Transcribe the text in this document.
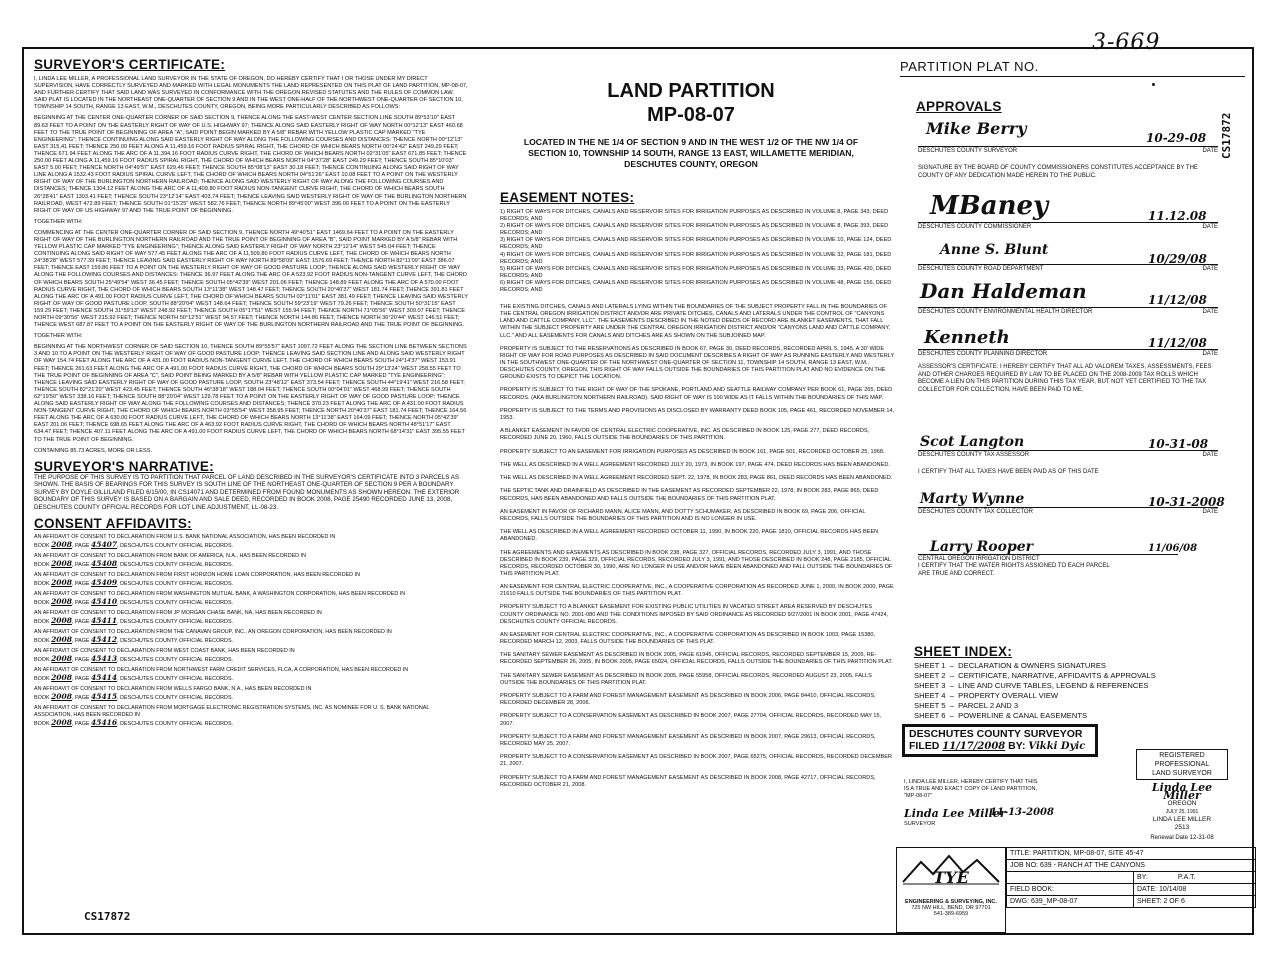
3-669
SURVEYOR'S CERTIFICATE:

I, LINDA LEE MILLER, A PROFESSIONAL LAND SURVEYOR IN THE STATE OF OREGON, DO HEREBY CERTIFY THAT I OR THOSE UNDER MY DIRECT SUPERVISION, HAVE CORRECTLY SURVEYED AND MARKED WITH LEGAL MONUMENTS THE LAND REPRESENTED ON THIS PLAT OF LAND PARTITION, MP-08-07, AND FURTHER CERTIFY THAT SAID LAND WAS SURVEYED IN CONFORMANCE WITH THE OREGON REVISED STATUTES AND THE RULES OF COMMON LAW. SAID PLAT IS LOCATED IN THE NORTHEAST ONE-QUARTER OF SECTION 9 AND IN THE WEST ONE-HALF OF THE NORTHWEST ONE-QUARTER OF SECTION 10, TOWNSHIP 14 SOUTH, RANGE 13 EAST, W.M., DESCHUTES COUNTY, OREGON, BEING MORE PARTICULARLY DESCRIBED AS FOLLOWS:

BEGINNING AT THE CENTER ONE-QUARTER CORNER OF SAID SECTION 9, THENCE ALONG THE EAST-WEST CENTER SECTION LINE SOUTH 89°53'10" EAST 89.63 FEET TO A POINT ON THE EASTERLY RIGHT OF WAY OF U.S. HIGHWAY 97; THENCE ALONG SAID EASTERLY RIGHT OF WAY NORTH 00°12'13" EAST 460.68 FEET TO THE TRUE POINT OF BEGINNING OF AREA "A", SAID POINT BEGIN MARKED BY A 5/8" REBAR WITH YELLOW PLASTIC CAP MARKED "TYE ENGINEERING"; THENCE CONTINUING ALONG SAID EASTERLY RIGHT OF WAY ALONG THE FOLLOWING COURSES AND DISTANCES: THENCE NORTH 00°12'13" EAST 315.41 FEET; THENCE 250.00 FEET ALONG A 11,459.16 FOOT RADIUS SPIRAL RIGHT, THE CHORD OF WHICH BEARS NORTH 00°24'42" EAST 249.29 FEET; THENCE 671.94 FEET ALONG THE ARC OF A 11,394.16 FOOT RADIUS CURVE RIGHT, THE CHORD OF WHICH BEARS NORTH 02°31'05" EAST 671.85 FEET; THENCE 250.00 FEET ALONG A 11,459.16 FOOT RADIUS SPIRAL RIGHT, THE CHORD OF WHICH BEARS NORTH 04°37'28" EAST 249.29 FEET; THENCE SOUTH 85°10'03" EAST 5.00 FEET; THENCE NORTH 04°49'57" EAST 629.46 FEET; THENCE SOUTH 85°08'13" EAST 30.18 FEET; THENCE CONTINUING ALONG SAID RIGHT OF WAY LINE ALONG A 1532.43 FOOT RADIUS SPIRAL CURVE LEFT, THE CHORD OF WHICH BEARS NORTH 04°51'26" EAST 10.08 FEET TO A POINT ON THE WESTERLY RIGHT OF WAY OF THE BURLINGTON NORTHERN RAILROAD; THENCE ALONG SAID WESTERLY RIGHT OF WAY ALONG THE FOLLOWING COURSES AND DISTANCES; THENCE 1304.12 FEET ALONG THE ARC OF A 11,409.80 FOOT RADIUS NON-TANGENT CURVE RIGHT, THE CHORD OF WHICH BEARS SOUTH 26°28'41" EAST 1303.41 FEET; THENCE SOUTH 23°12'14" EAST 403.74 FEET; THENCE LEAVING SAID WESTERLY RIGHT OF WAY OF THE BURLINGTON NORTHERN RAILROAD, WEST 472.89 FEET; THENCE SOUTH 01°15'25" WEST 582.76 FEET; THENCE NORTH 89°45'00" WEST 396.00 FEET TO A POINT ON THE EASTERLY RIGHT OF WAY OF US HIGHWAY 97 AND THE TRUE POINT OF BEGINNING.

TOGETHER WITH:

COMMENCING AT THE CENTER ONE-QUARTER CORNER OF SAID SECTION 9, THENCE NORTH 49°40'51" EAST 1469.64 FEET TO A POINT ON THE EASTERLY RIGHT OF WAY OF THE BURLINGTON NORTHERN RAILROAD AND THE TRUE POINT OF BEGINNING OF AREA "B", SAID POINT MARKED BY A 5/8" REBAR WITH YELLOW PLASTIC CAP MARKED "TYE ENGINEERING"; THENCE ALONG SAID EASTERLY RIGHT OF WAY NORTH 23°12'14" WEST 545.04 FEET; THENCE CONTINUING ALONG SAID RIGHT OF WAY 577.45 FEET ALONG THE ARC OF A 11,509.80 FOOT RADIUS CURVE LEFT, THE CHORD OF WHICH BEARS NORTH 24°38'28" WEST 577.39 FEET; THENCE LEAVING SAID EASTERLY RIGHT OF WAY NORTH 89°58'09" EAST 1576.69 FEET; THENCE NORTH 82°11'09" EAST 386.07 FEET; THENCE EAST 159.86 FEET TO A POINT ON THE WESTERLY RIGHT OF WAY OF GOOD PASTURE LOOP; THENCE ALONG SAID WESTERLY RIGHT OF WAY ALONG THE FOLLOWING COURSES AND DISTANCES: THENCE 36.97 FEET ALONG THE ARC OF A 523.92 FOOT RADIUS NON-TANGENT CURVE LEFT, THE CHORD OF WHICH BEARS SOUTH 25°49'54" WEST 36.45 FEET; THENCE SOUTH 05°42'39" WEST 201.06 FEET; THENCE 148.89 FEET ALONG THE ARC OF A 570.00 FOOT RADIUS CURVE RIGHT, THE CHORD OF WHICH BEARS SOUTH 13°11'38" WEST 148.47 FEET; THENCE SOUTH 20°40'37" WEST 181.74 FEET; THENCE 391.81 FEET ALONG THE ARC OF A 491.00 FOOT RADIUS CURVE LEFT, THE CHORD OF WHICH BEARS SOUTH 02°11'01" EAST 381.49 FEET; THENCE LEAVING SAID WESTERLY RIGHT OF WAY OF GOOD PASTURE LOOP, SOUTH 88°20'04" WEST 148.64 FEET; THENCE SOUTH 59°23'19" WEST 79.26 FEET; THENCE SOUTH 50°31'15" EAST 159.29 FEET; THENCE SOUTH 31°59'13" WEST 248.92 FEET; THENCE SOUTH 05°17'51" WEST 155.94 FEET; THENCE NORTH 71°05'56" WEST 309.07 FEET; THENCE NORTH 09°30'56" WEST 215.92 FEET; THENCE NORTH 50°12'51" WEST 94.57 FEET; THENCE NORTH 144.86 FEET; THENCE NORTH 36°20'44" WEST 146.51 FEET; THENCE WEST 687.87 FEET TO A POINT ON THE EASTERLY RIGHT OF WAY OF THE BURLINGTON NORTHERN RAILROAD AND THE TRUE POINT OF BEGINNING.

TOGETHER WITH:

BEGINNING AT THE NORTHWEST CORNER OF SAID SECTION 10, THENCE SOUTH 89°55'57" EAST 1097.72 FEET ALONG THE SECTION LINE BETWEEN SECTIONS 3 AND 10 TO A POINT ON THE WESTERLY RIGHT OF WAY OF GOOD PASTURE LOOP; THENCE LEAVING SAID SECTION LINE AND ALONG SAID WESTERLY RIGHT OF WAY 154.74 FEET ALONG THE ARC OF A 431.00 FOOT RADIUS NON-TANGENT CURVE LEFT, THE CHORD OF WHICH BEARS SOUTH 24°14'37" WEST 153.91 FEET; THENCE 261.63 FEET ALONG THE ARC OF A 491.00 FOOT RADIUS CURVE RIGHT, THE CHORD OF WHICH BEARS SOUTH 29°13'24" WEST 258.55 FEET TO THE TRUE POINT OF BEGINNING OF AREA "C", SAID POINT BEING MARKED BY A 5/8" REBAR WITH YELLOW PLASTIC CAP MARKED "TYE ENGINEERING"; THENCE LEAVING SAID EASTERLY RIGHT OF WAY OF GOOD PASTURE LOOP, SOUTH 23°48'12" EAST 373.54 FEET; THENCE SOUTH 44°19'41" WEST 216.58 FEET; THENCE SOUTH 82°21'20" WEST 423.45 FEET; THENCE SOUTH 46°38'18" WEST 188.04 FEET; THENCE SOUTH 00°04'01" WEST 468.99 FEET; THENCE SOUTH 62°19'50" WEST 338.16 FEET; THENCE SOUTH 88°20'04" WEST 129.78 FEET TO A POINT ON THE EASTERLY RIGHT OF WAY OF GOOD PASTURE LOOP; THENCE ALONG SAID EASTERLY RIGHT OF WAY ALONG THE FOLLOWING COURSES AND DISTANCES; THENCE 370.23 FEET ALONG THE ARC OF A 431.00 FOOT RADIUS NON-TANGENT CURVE RIGHT, THE CHORD OF WHICH BEARS NORTH 03°55'54" WEST 358.95 FEET; THENCE NORTH 20°40'37" EAST 181.74 FEET; THENCE 164.56 FEET ALONG THE ARC OF A 630.00 FOOT RADIUS CURVE LEFT, THE CHORD OF WHICH BEARS NORTH 13°11'38" EAST 164.09 FEET; THENCE NORTH 05°42'39" EAST 201.06 FEET; THENCE 698.65 FEET ALONG THE ARC OF A 463.92 FOOT RADIUS CURVE RIGHT, THE CHORD OF WHICH BEARS NORTH 48°51'17" EAST 634.47 FEET; THENCE 407.11 FEET ALONG THE ARC OF A 491.00 FOOT RADIUS CURVE LEFT, THE CHORD OF WHICH BEARS NORTH 68°14'31" EAST 395.55 FEET TO THE TRUE POINT OF BEGINNING.

CONTAINING 85.73 ACRES, MORE OR LESS.

SURVEYOR'S NARRATIVE:

THE PURPOSE OF THIS SURVEY IS TO PARTITION THAT PARCEL OF LAND DESCRIBED IN THE SURVEYOR'S CERTIFICATE INTO 3 PARCELS AS SHOWN. THE BASIS OF BEARINGS FOR THIS SURVEY IS SOUTH LINE OF THE NORTHEAST ONE-QUARTER OF SECTION 9 PER A BOUNDARY SURVEY BY DOYLE GILLILAND FILED 6/15/00, IN CS14071 AND DETERMINED FROM FOUND MONUMENTS AS SHOWN HEREON. THE EXTERIOR BOUNDARY OF THIS SURVEY IS BASED ON A BARGAIN AND SALE DEED, RECORDED IN BOOK 2008, PAGE 25490 RECORDED JUNE 13, 2008, DESCHUTES COUNTY OFFICIAL RECORDS FOR LOT LINE ADJUSTMENT, LL-08-23.

CONSENT AFFIDAVITS:

AN AFFIDAVIT OF CONSENT TO DECLARATION FROM U.S. BANK NATIONAL ASSOCIATION, HAS BEEN RECORDED IN
BOOK 2008, PAGE 45407, DESCHUTES COUNTY OFFICIAL RECORDS.

AN AFFIDAVIT OF CONSENT TO DECLARATION FROM BANK OF AMERICA, N.A., HAS BEEN RECORDED IN
BOOK 2008, PAGE 45408, DESCHUTES COUNTY OFFICIAL RECORDS.

AN AFFIDAVIT OF CONSENT TO DECLARATION FROM FIRST HORIZON HOME LOAN CORPORATION, HAS BEEN RECORDED IN
BOOK 2008, PAGE 45409, DESCHUTES COUNTY OFFICIAL RECORDS.

AN AFFIDAVIT OF CONSENT TO DECLARATION FROM WASHINGTON MUTUAL BANK, A WASHINGTON CORPORATION, HAS BEEN RECORDED IN
BOOK 2008, PAGE 45410, DESCHUTES COUNTY OFFICIAL RECORDS.

AN AFFIDAVIT OF CONSENT TO DECLARATION FROM JP MORGAN CHASE BANK, NA, HAS BEEN RECORDED IN
BOOK 2008, PAGE 45411, DESCHUTES COUNTY OFFICIAL RECORDS.

AN AFFIDAVIT OF CONSENT TO DECLARATION FROM THE CANAVAN GROUP, INC., AN OREGON CORPORATION, HAS BEEN RECORDED IN
BOOK 2008, PAGE 45412, DESCHUTES COUNTY OFFICIAL RECORDS.

AN AFFIDAVIT OF CONSENT TO DECLARATION FROM WEST COAST BANK, HAS BEEN RECORDED IN
BOOK 2008, PAGE 45413, DESCHUTES COUNTY OFFICIAL RECORDS.

AN AFFIDAVIT OF CONSENT TO DECLARATION FROM NORTHWEST FARM CREDIT SERVICES, FLCA, A CORPORATION, HAS BEEN RECORDED IN
BOOK 2008, PAGE 45414, DESCHUTES COUNTY OFFICIAL RECORDS.

AN AFFIDAVIT OF CONSENT TO DECLARATION FROM WELLS FARGO BANK, N.A., HAS BEEN RECORDED IN
BOOK 2008, PAGE 45415, DESCHUTES COUNTY OFFICIAL RECORDS.

AN AFFIDAVIT OF CONSENT TO DECLARATION FROM MORTGAGE ELECTRONIC REGISTRATION SYSTEMS, INC. AS NOMINEE FOR U. S. BANK NATIONAL ASSOCIATION, HAS BEEN RECORDED IN
BOOK 2008, PAGE 45416, DESCHUTES COUNTY OFFICIAL RECORDS.

CS17872
LAND PARTITION
MP-08-07
LOCATED IN THE NE 1/4 OF SECTION 9 AND IN THE WEST 1/2 OF THE NW 1/4 OF SECTION 10, TOWNSHIP 14 SOUTH, RANGE 13 EAST, WILLAMETTE MERIDIAN, DESCHUTES COUNTY, OREGON
EASEMENT NOTES:

1) RIGHT OF WAYS FOR DITCHES, CANALS AND RESERVOIR SITES FOR IRRIGATION PURPOSES AS DESCRIBED IN VOLUME 8, PAGE 343, DEED RECORDS; AND

2) RIGHT OF WAYS FOR DITCHES, CANALS AND RESERVOIR SITES FOR IRRIGATION PURPOSES AS DESCRIBED IN VOLUME 8, PAGE 393, DEED RECORDS; AND

3) RIGHT OF WAYS FOR DITCHES, CANALS AND RESERVOIR SITES FOR IRRIGATION PURPOSES AS DESCRIBED IN VOLUME 10, PAGE 124, DEED RECORDS; AND

4) RIGHT OF WAYS FOR DITCHES, CANALS AND RESERVOIR SITES FOR IRRIGATION PURPOSES AS DESCRIBED IN VOLUME 32, PAGE 181, DEED RECORDS; AND

5) RIGHT OF WAYS FOR DITCHES, CANALS AND RESERVOIR SITES FOR IRRIGATION PURPOSES AS DESCRIBED IN VOLUME 33, PAGE 420, DEED RECORDS; AND

6) RIGHT OF WAYS FOR DITCHES, CANALS AND RESERVOIR SITES FOR IRRIGATION PURPOSES AS DESCRIBED IN VOLUME 48, PAGE 156, DEED RECORDS; AND

THE EXISTING DITCHES, CANALS AND LATERALS LYING WITHIN THE BOUNDARIES OF THE SUBJECT PROPERTY FALL IN THE BOUNDARIES OF THE CENTRAL OREGON IRRIGATION DISTRICT AND/OR ARE PRIVATE DITCHES, CANALS AND LATERALS UNDER THE CONTROL OF "CANYONS LAND AND CATTLE COMPANY, LLC". THE EASEMENTS DESCRIBED IN THE NOTED DEEDS OF RECORD ARE BLANKET EASEMENTS, THAT FALL WITHIN THE SUBJECT PROPERTY ARE UNDER THE CENTRAL OREGON IRRIGATION DISTRICT AND/OR "CANYONS LAND AND CATTLE COMPANY, LLC." AND ALL EASEMENTS FOR CANALS AND DITCHES ARE AS SHOWN ON THE SUBJOINED MAP.

PROPERTY IS SUBJECT TO THE RESERVATIONS AS DESCRIBED IN BOOK 67, PAGE 30, DEED RECORDS, RECORDED APRIL 5, 1945. A 30' WIDE RIGHT OF WAY FOR ROAD PURPOSES AS DESCRIBED IN SAID DOCUMENT DESCRIBES A RIGHT OF WAY AS RUNNING EASTERLY AND WESTERLY IN THE SOUTHWEST ONE-QUARTER OF THE NORTHWEST ONE-QUARTER OF SECTION 11, TOWNSHIP 14 SOUTH, RANGE 13 EAST, W.M., DESCHUTES COUNTY, OREGON. THIS RIGHT OF WAY FALLS OUTSIDE THE BOUNDARIES OF THIS PARTITION PLAT AND NO EVIDENCE ON THE GROUND EXISTS TO DEPICT THE LOCATION.

PROPERTY IS SUBJECT TO THE RIGHT OF WAY OF THE SPOKANE, PORTLAND AND SEATTLE RAILWAY COMPANY PER BOOK 61, PAGE 265, DEED RECORDS. (AKA BURLINGTON NORTHERN RAILROAD). SAID RIGHT OF WAY IS 100 WIDE AS IT FALLS WITHIN THE BOUNDARIES OF THIS MAP.

PROPERTY IS SUBJECT TO THE TERMS AND PROVISIONS AS DISCLOSED BY WARRANTY DEED BOOK 105, PAGE 461, RECORDED NOVEMBER 14, 1953.

A BLANKET EASEMENT IN FAVOR OF CENTRAL ELECTRIC COOPERATIVE, INC. AS DESCRIBED IN BOOK 125, PAGE 277, DEED RECORDS, RECORDED JUNE 20, 1960, FALLS OUTSIDE THE BOUNDARIES OF THIS PARTITION.

PROPERTY SUBJECT TO AN EASEMENT FOR IRRIGATION PURPOSES AS DESCRIBED IN BOOK 161, PAGE 501, RECORDED OCTOBER 25, 1968.

THE WELL AS DESCRIBED IN A WELL AGREEMENT RECORDED JULY 20, 1973, IN BOOK 197, PAGE 474, DEED RECORDS HAS BEEN ABANDONED.

THE WELL AS DESCRIBED IN A WELL AGREEMENT RECORDED SEPT. 22, 1978, IN BOOK 283, PAGE 861, DEED RECORDS HAS BEEN ABANDONED.

THE SEPTIC TANK AND DRAINFIELD AS DESCRIBED IN THE EASEMENT AS RECORDED SEPTEMBER 22, 1978, IN BOOK 283, PAGE 865, DEED RECORDS, HAS BEEN ABANDONED AND FALLS OUTSIDE THE BOUNDARIES OF THIS PARTITION PLAT.

AN EASEMENT IN FAVOR OF RICHARD MANN, ALICE MANN, AND DOTTY SCHUMAKER, AS DESCRIBED IN BOOK 69, PAGE 206, OFFICIAL RECORDS, FALLS OUTSIDE THE BOUNDARIES OF THIS PARTITION AND IS NO LONGER IN USE.

THE WELL AS DESCRIBED IN A WELL AGREEMENT RECORDED OCTOBER 11, 1990, IN BOOK 220, PAGE 1810, OFFICIAL RECORDS HAS BEEN ABANDONED.

THE AGREEMENTS AND EASEMENTS AS DESCRIBED IN BOOK 238, PAGE 327, OFFICIAL RECORDS, RECORDED JULY 3, 1991, AND THOSE DESCRIBED IN BOOK 239, PAGE 329, OFFICIAL RECORDS, RECORDED JULY 3, 1991, AND THOSE DESCRIBED IN BOOK 248, PAGE 2185, OFFICIAL RECORDS, RECORDED OCTOBER 30, 1990, ARE NO LONGER IN USE AND/OR HAVE BEEN ABANDONED AND FALL OUTSIDE THE BOUNDARIES OF THIS PARTITION PLAT.

AN EASEMENT FOR CENTRAL ELECTRIC COOPERATIVE, INC., A COOPERATIVE CORPORATION AS RECORDED JUNE 1, 2000, IN BOOK 2000, PAGE 21610 FALLS OUTSIDE THE BOUNDARIES OF THIS PARTITION PLAT.

PROPERTY SUBJECT TO A BLANKET EASEMENT FOR EXISTING PUBLIC UTILITIES IN VACATED STREET AREA RESERVED BY DESCHUTES COUNTY ORDINANCE NO. 2001-080 AND THE CONDITIONS IMPOSED BY SAID ORDINANCE AS RECORDED 9/27/2001 IN BOOK 2001, PAGE 47424, DESCHUTES COUNTY OFFICIAL RECORDS.

AN EASEMENT FOR CENTRAL ELECTRIC COOPERATIVE, INC., A COOPERATIVE CORPORATION AS DESCRIBED IN BOOK 1003, PAGE 15380, RECORDED MARCH 12, 2003, FALLS OUTSIDE THE BOUNDARIES OF THIS PLAT.

THE SANITARY SEWER EASEMENT AS DESCRIBED IN BOOK 2005, PAGE 61945, OFFICIAL RECORDS, RECORDED SEPTEMBER 15, 2005, RE-RECORDED SEPTEMBER 26, 2005, IN BOOK 2005, PAGE 65024, OFFICIAL RECORDS, FALLS OUTSIDE THE BOUNDARIES OF THIS PARTITION PLAT.

THE SANITARY SEWER EASEMENT AS DESCRIBED IN BOOK 2005, PAGE 55958, OFFICIAL RECORDS, RECORDED AUGUST 23, 2005, FALLS OUTSIDE THE BOUNDARIES OF THIS PARTITION PLAT.

PROPERTY SUBJECT TO A FARM AND FOREST MANAGEMENT EASEMENT AS DESCRIBED IN BOOK 2006, PAGE 84410, OFFICIAL RECORDS, RECORDED DECEMBER 28, 2006.

PROPERTY SUBJECT TO A CONSERVATION EASEMENT AS DESCRIBED IN BOOK 2007, PAGE 27704, OFFICIAL RECORDS, RECORDED MAY 15, 2007.

PROPERTY SUBJECT TO A FARM AND FOREST MANAGEMENT EASEMENT AS DESCRIBED IN BOOK 2007, PAGE 29613, OFFICIAL RECORDS, RECORDED MAY 25, 2007.

PROPERTY SUBJECT TO A CONSERVATION EASEMENT AS DESCRIBED IN BOOK 2007, PAGE 65275, OFFICIAL RECORDS, RECORDED DECEMBER 21, 2007.

PROPERTY SUBJECT TO A FARM AND FOREST MANAGEMENT EASEMENT AS DESCRIBED IN BOOK 2008, PAGE 42717, OFFICIAL RECORDS, RECORDED OCTOBER 21, 2008.

PARTITION PLAT NO.
CS17872
APPROVALS
Mike Berry	10-29-08
DESCHUTES COUNTY SURVEYOR	DATE
SIGNATURE BY THE BOARD OF COUNTY COMMISSIONERS CONSTITUTES ACCEPTANCE BY THE COUNTY OF ANY DEDICATION MADE HEREIN TO THE PUBLIC.
MBaney	11.12.08
DESCHUTES COUNTY COMMISSIONER	DATE
Anne S. Blunt
10/29/08
DESCHUTES COUNTY ROAD DEPARTMENT	DATE
Dan Haldeman	11/12/08
DESCHUTES COUNTY ENVIRONMENTAL HEALTH DIRECTOR	DATE
Kenneth	11/12/08
DESCHUTES COUNTY PLANNING DIRECTOR	DATE
ASSESSOR'S CERTIFICATE: I HEREBY CERTIFY THAT ALL AD VALOREM TAXES, ASSESSMENTS, FEES AND OTHER CHARGES REQUIRED BY LAW TO BE PLACED ON THE 2008-2009 TAX ROLLS WHICH BECOME A LIEN ON THIS PARTITION DURING THIS TAX YEAR, BUT NOT YET CERTIFIED TO THE TAX COLLECTOR FOR COLLECTION, HAVE BEEN PAID TO ME.
Scot Langton	10-31-08
DESCHUTES COUNTY TAX ASSESSOR	DATE
I CERTIFY THAT ALL TAXES HAVE BEEN PAID AS OF THIS DATE
Marty Wynne	10-31-2008
DESCHUTES COUNTY TAX COLLECTOR	DATE
Larry Rooper	11/06/08
CENTRAL OREGON IRRIGATION DISTRICT
I CERTIFY THAT THE WATER RIGHTS ASSIGNED TO EACH PARCEL ARE TRUE AND CORRECT.
SHEET INDEX:
SHEET 1  –  DECLARATION & OWNERS SIGNATURES
SHEET 2  –  CERTIFICATE, NARRATIVE, AFFIDAVITS & APPROVALS
SHEET 3  –  LINE AND CURVE TABLES, LEGEND & REFERENCES
SHEET 4  –  PROPERTY OVERALL VIEW
SHEET 5  –  PARCEL 2 AND 3
SHEET 6  –  POWERLINE & CANAL EASEMENTS
DESCHUTES COUNTY SURVEYOR
FILED 11/17/2008 BY: Vikki Dyic
REGISTERED
PROFESSIONAL
LAND SURVEYOR
Linda Lee Miller
OREGON
JULY 25, 1991
LINDA LEE MILLER
2513
Renewal Date 12-31-08
I, LINDA LEE MILLER, HEREBY CERTIFY THAT THIS IS A TRUE AND EXACT COPY OF LAND PARTITION, "MP-08-07"
Linda Lee Miller
11-13-2008
SURVEYOR
TYE
ENGINEERING & SURVEYING, INC.
725 NW HILL, BEND, OR 97701
541-389-6959
TITLE: PARTITION, MP-08-07, SITE 45-47	
JOB NO: 639 - RANCH AT THE CANYONS	
	BY: P.A.T.
FIELD BOOK:	DATE: 10/14/08
DWG: 639_MP-08-07	SHEET: 2 OF 6
